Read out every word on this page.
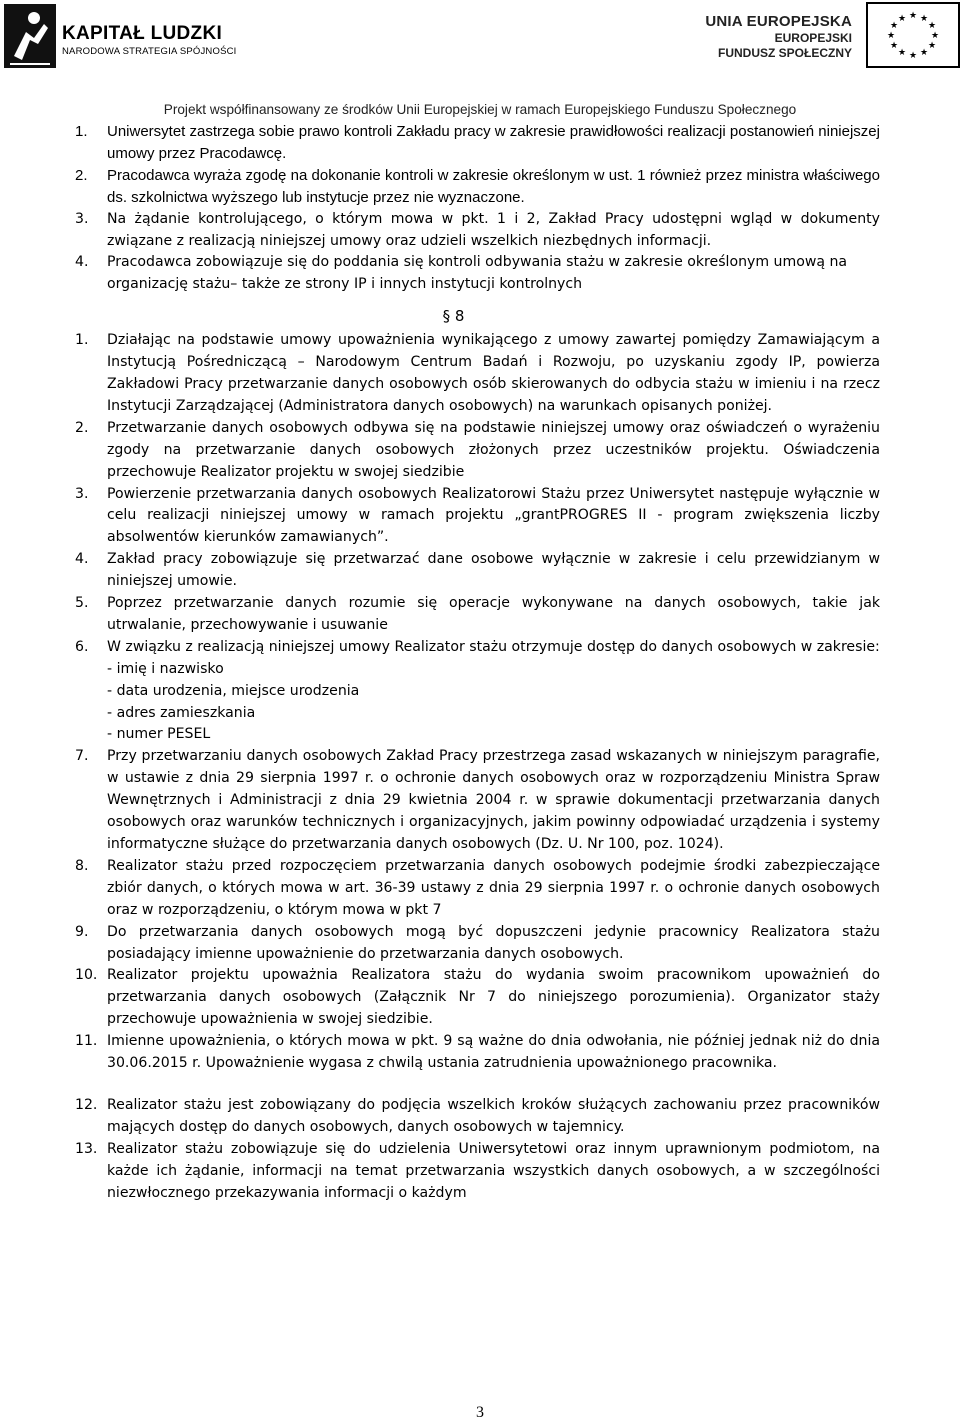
KAPITAŁ LUDZKI
NARODOWA STRATEGIA SPÓJNOŚCI
UNIA EUROPEJSKA
EUROPEJSKI
FUNDUSZ SPOŁECZNY
★ ★
★
★
★
★
★
★
★
★
★
★
Projekt współfinansowany ze środków Unii Europejskiej w ramach Europejskiego Funduszu Społecznego
1.	Uniwersytet zastrzega sobie prawo kontroli Zakładu pracy w zakresie prawidłowości realizacji postanowień niniejszej umowy przez Pracodawcę.
2.	Pracodawca wyraża zgodę na dokonanie kontroli w zakresie określonym w ust. 1 również przez ministra właściwego ds. szkolnictwa wyższego lub instytucje przez nie wyznaczone.
3.	Na żądanie kontrolującego, o którym mowa w pkt. 1 i 2, Zakład Pracy udostępni wgląd w dokumenty związane z realizacją niniejszej umowy oraz udzieli wszelkich niezbędnych informacji.
4.	Pracodawca zobowiązuje się do poddania się kontroli odbywania stażu w zakresie określonym umową na organizację stażu– także ze strony IP i innych instytucji kontrolnych
§ 8
1.	Działając na podstawie umowy upoważnienia wynikającego z umowy zawartej pomiędzy Zamawiającym a Instytucją Pośredniczącą – Narodowym Centrum Badań i Rozwoju, po uzyskaniu zgody IP, powierza Zakładowi Pracy przetwarzanie danych osobowych osób skierowanych do odbycia stażu w imieniu i na rzecz Instytucji Zarządzającej (Administratora danych osobowych) na warunkach opisanych poniżej.
2.	Przetwarzanie danych osobowych odbywa się na podstawie niniejszej umowy oraz oświadczeń o wyrażeniu zgody na przetwarzanie danych osobowych złożonych przez uczestników projektu. Oświadczenia przechowuje Realizator projektu w swojej siedzibie
3.	Powierzenie przetwarzania danych osobowych Realizatorowi Stażu przez Uniwersytet następuje wyłącznie w celu realizacji niniejszej umowy w ramach projektu „grantPROGRES II - program zwiększenia liczby absolwentów kierunków zamawianych”.
4.	Zakład pracy zobowiązuje się przetwarzać dane osobowe wyłącznie w zakresie i celu przewidzianym w niniejszej umowie.
5.	Poprzez przetwarzanie danych rozumie się operacje wykonywane na danych osobowych, takie jak utrwalanie, przechowywanie i usuwanie
6.	W związku z realizacją niniejszej umowy Realizator stażu otrzymuje dostęp do danych osobowych w zakresie:
- imię i nazwisko
- data urodzenia, miejsce urodzenia
- adres zamieszkania
- numer PESEL
7.	Przy przetwarzaniu danych osobowych Zakład Pracy przestrzega zasad wskazanych w niniejszym paragrafie, w ustawie z dnia 29 sierpnia 1997 r. o ochronie danych osobowych oraz w rozporządzeniu Ministra Spraw Wewnętrznych i Administracji z dnia 29 kwietnia 2004 r. w sprawie dokumentacji przetwarzania danych osobowych oraz warunków technicznych i organizacyjnych, jakim powinny odpowiadać urządzenia i systemy informatyczne służące do przetwarzania danych osobowych (Dz. U. Nr 100, poz. 1024).
8.	Realizator stażu przed rozpoczęciem przetwarzania danych osobowych podejmie środki zabezpieczające zbiór danych, o których mowa w art. 36-39 ustawy z dnia 29 sierpnia 1997 r. o ochronie danych osobowych oraz w rozporządzeniu, o którym mowa w pkt 7
9.	Do przetwarzania danych osobowych mogą być dopuszczeni jedynie pracownicy Realizatora stażu posiadający imienne upoważnienie do przetwarzania danych osobowych.
10. Realizator projektu upoważnia Realizatora stażu do wydania swoim pracownikom upoważnień do przetwarzania danych osobowych (Załącznik Nr 7 do niniejszego porozumienia). Organizator staży przechowuje upoważnienia w swojej siedzibie.
11. Imienne upoważnienia, o których mowa w pkt. 9 są ważne do dnia odwołania, nie później jednak niż do dnia 30.06.2015 r. Upoważnienie wygasa z chwilą ustania zatrudnienia upoważnionego pracownika.
12. Realizator stażu jest zobowiązany do podjęcia wszelkich kroków służących zachowaniu przez pracowników mających dostęp do danych osobowych, danych osobowych w tajemnicy.
13. Realizator stażu zobowiązuje się do udzielenia Uniwersytetowi oraz innym uprawnionym podmiotom, na każde ich żądanie, informacji na temat przetwarzania wszystkich danych osobowych, a w szczególności niezwłocznego przekazywania informacji o każdym
3
